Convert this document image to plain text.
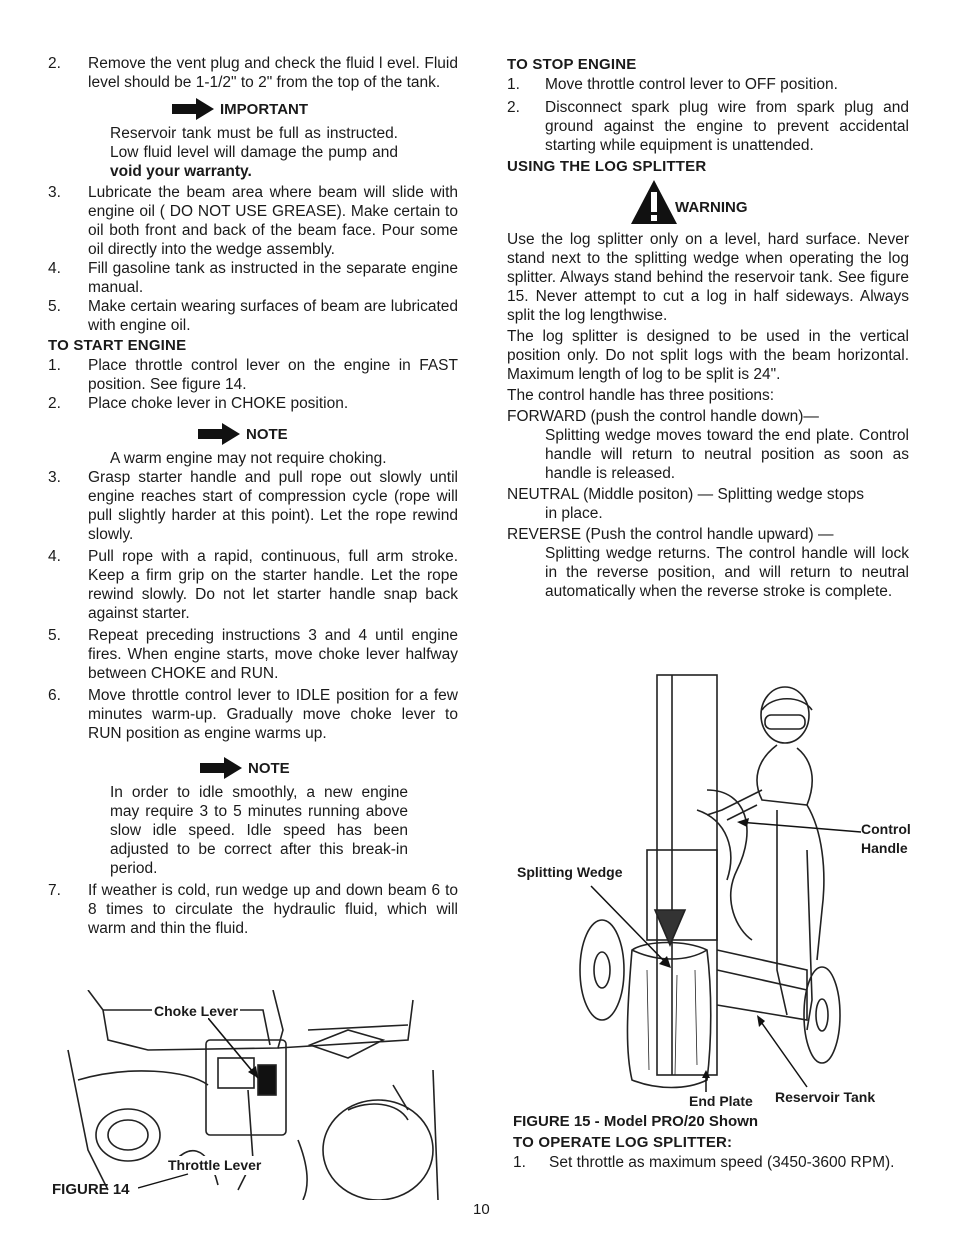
2.	Remove the vent plug and check the fluid l evel. Fluid level should be 1-1/2" to 2" from the top of the tank.
IMPORTANT
Reservoir tank must be full as instructed. Low fluid level will damage the pump and void your warranty.
3.	Lubricate the beam area where beam will slide with engine oil ( DO NOT USE GREASE). Make certain to oil both front and back of the beam face. Pour some oil directly into the wedge assembly.
4.	Fill gasoline tank as instructed in the separate engine manual.
5.	Make certain wearing surfaces of beam are lubricated with engine oil.
TO START ENGINE
1.	Place throttle control lever on the engine in FAST position. See figure 14.
2.	Place choke lever in CHOKE position.
NOTE
A warm engine may not require choking.
3.	Grasp starter handle and pull rope out slowly until engine reaches start of compression cycle (rope will pull slightly harder at this point). Let the rope rewind slowly.
4.	Pull rope with a rapid, continuous, full arm stroke. Keep a firm grip on the starter handle. Let the rope rewind slowly. Do not let starter handle snap back against starter.
5.	Repeat preceding instructions 3 and 4 until engine fires. When engine starts, move choke lever halfway between CHOKE and RUN.
6.	Move throttle control lever to IDLE position for a few minutes warm-up. Gradually move choke lever to RUN position as engine warms up.
NOTE
In order to idle smoothly, a new engine may require 3 to 5 minutes running above slow idle speed. Idle speed has been adjusted to be correct after this break-in period.
7.	If weather is cold, run wedge up and down beam 6 to 8 times to circulate the hydraulic fluid, which will warm and thin the fluid.
Choke Lever
Throttle Lever
FIGURE 14
TO STOP ENGINE
1.	Move throttle control lever to OFF position.
2.	Disconnect spark plug wire from spark plug and ground against the engine to prevent accidental starting while equipment is unattended.
USING THE LOG SPLITTER
WARNING
Use the log splitter only on a level, hard surface. Never stand next to the splitting wedge when operating the log splitter. Always stand behind the reservoir tank. See figure 15. Never attempt to cut a log in half sideways. Always split the log lengthwise.
The log splitter is designed to be used in the vertical position only. Do not split logs with the beam horizontal. Maximum length of log to be split is 24".
The control handle has three positions:
FORWARD (push the control handle down)—
Splitting wedge moves toward the end plate. Control handle will return to neutral position as soon as handle is released.
NEUTRAL (Middle positon) — Splitting wedge stops
in place.
REVERSE (Push the control handle upward) —
Splitting wedge returns. The control handle will lock in the reverse position, and will return to neutral automatically when the reverse stroke is complete.
Control
Handle
Splitting Wedge
End Plate Reservoir Tank
FIGURE 15 - Model PRO/20 Shown
TO OPERATE LOG SPLITTER:
1.	Set throttle as maximum speed (3450-3600 RPM).
10
